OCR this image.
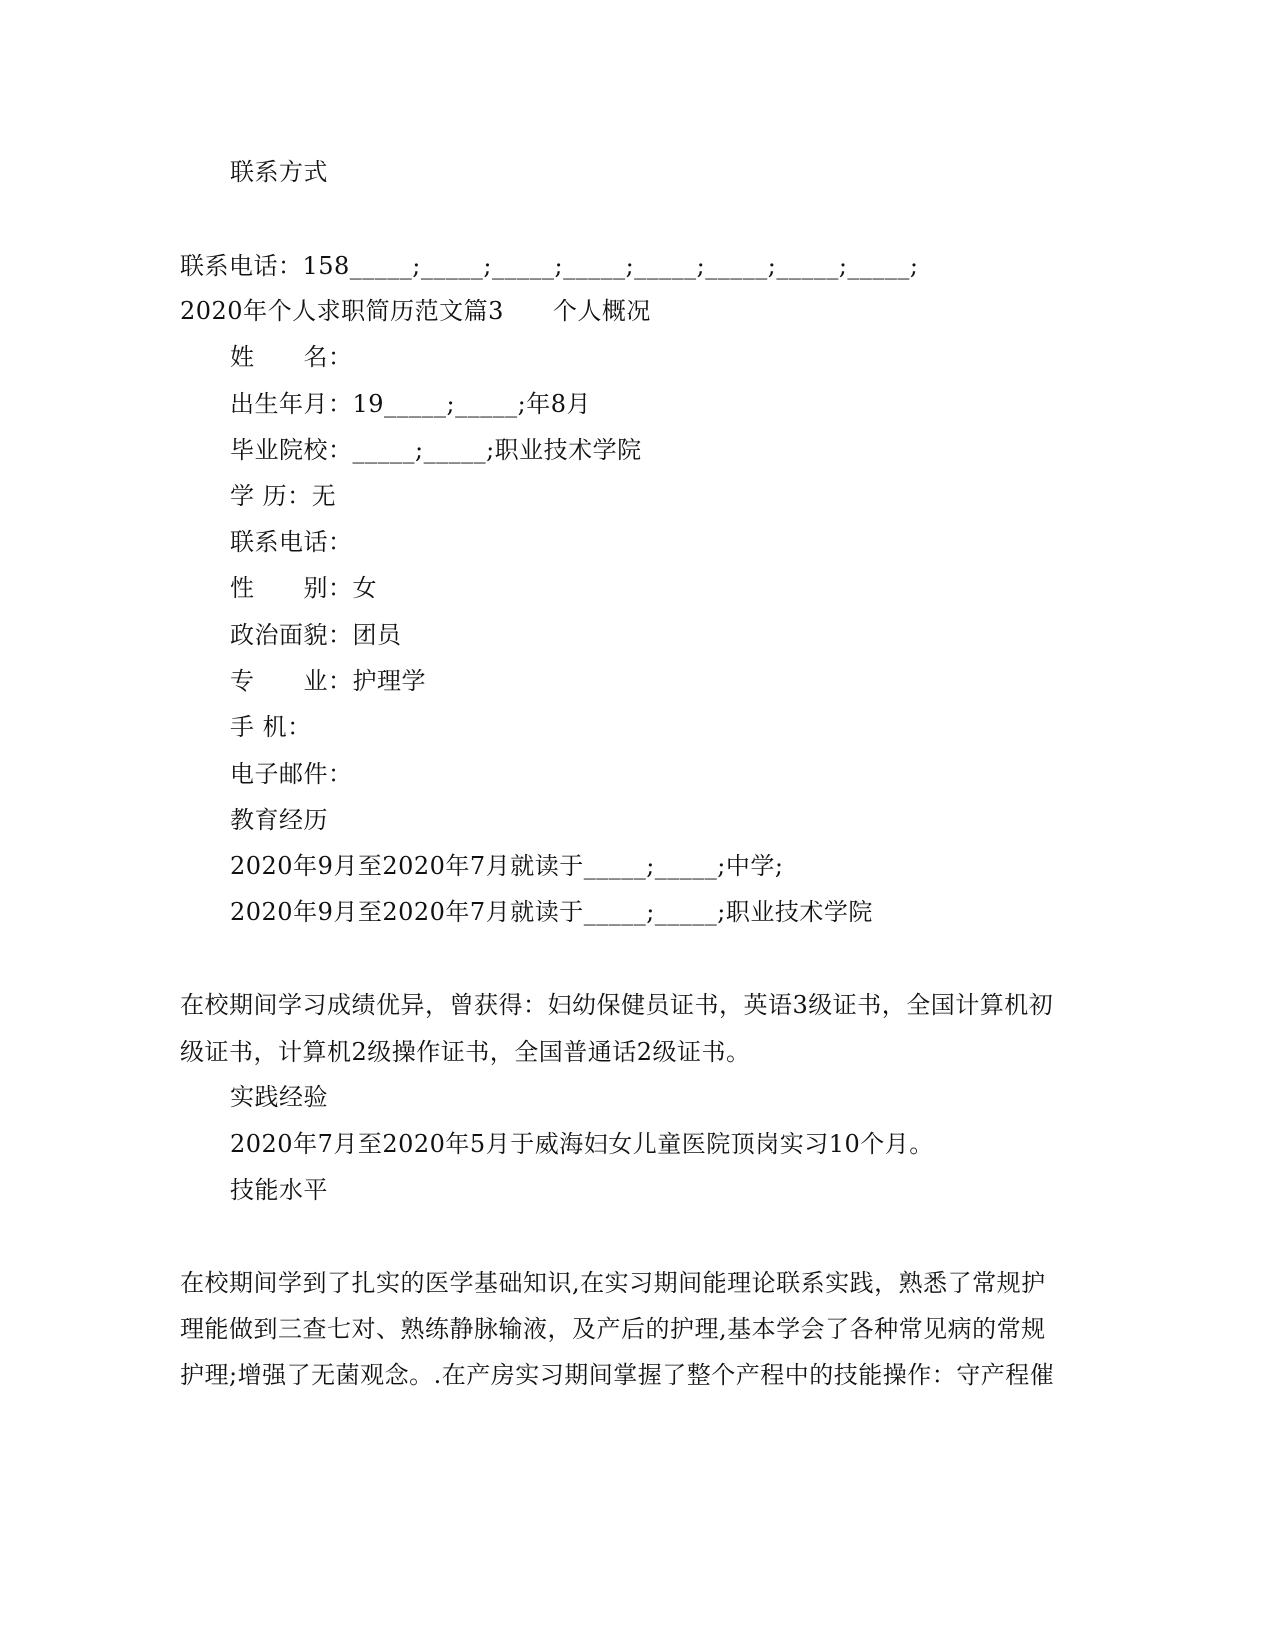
联系方式
联系电话：158_____;_____;_____;_____;_____;_____;_____;_____;
2020年个人求职简历范文篇3　　个人概况
姓　　名：
出生年月：19_____;_____;年8月
毕业院校：_____;_____;职业技术学院
学 历：无
联系电话：
性　　别：女
政治面貌：团员
专　　业：护理学
手 机：
电子邮件：
教育经历
2020年9月至2020年7月就读于_____;_____;中学;
2020年9月至2020年7月就读于_____;_____;职业技术学院
在校期间学习成绩优异，曾获得：妇幼保健员证书，英语3级证书，全国计算机初
级证书，计算机2级操作证书，全国普通话2级证书。
实践经验
2020年7月至2020年5月于威海妇女儿童医院顶岗实习10个月。
技能水平
在校期间学到了扎实的医学基础知识,在实习期间能理论联系实践，熟悉了常规护
理能做到三查七对、熟练静脉输液，及产后的护理,基本学会了各种常见病的常规
护理;增强了无菌观念。.在产房实习期间掌握了整个产程中的技能操作：守产程催
